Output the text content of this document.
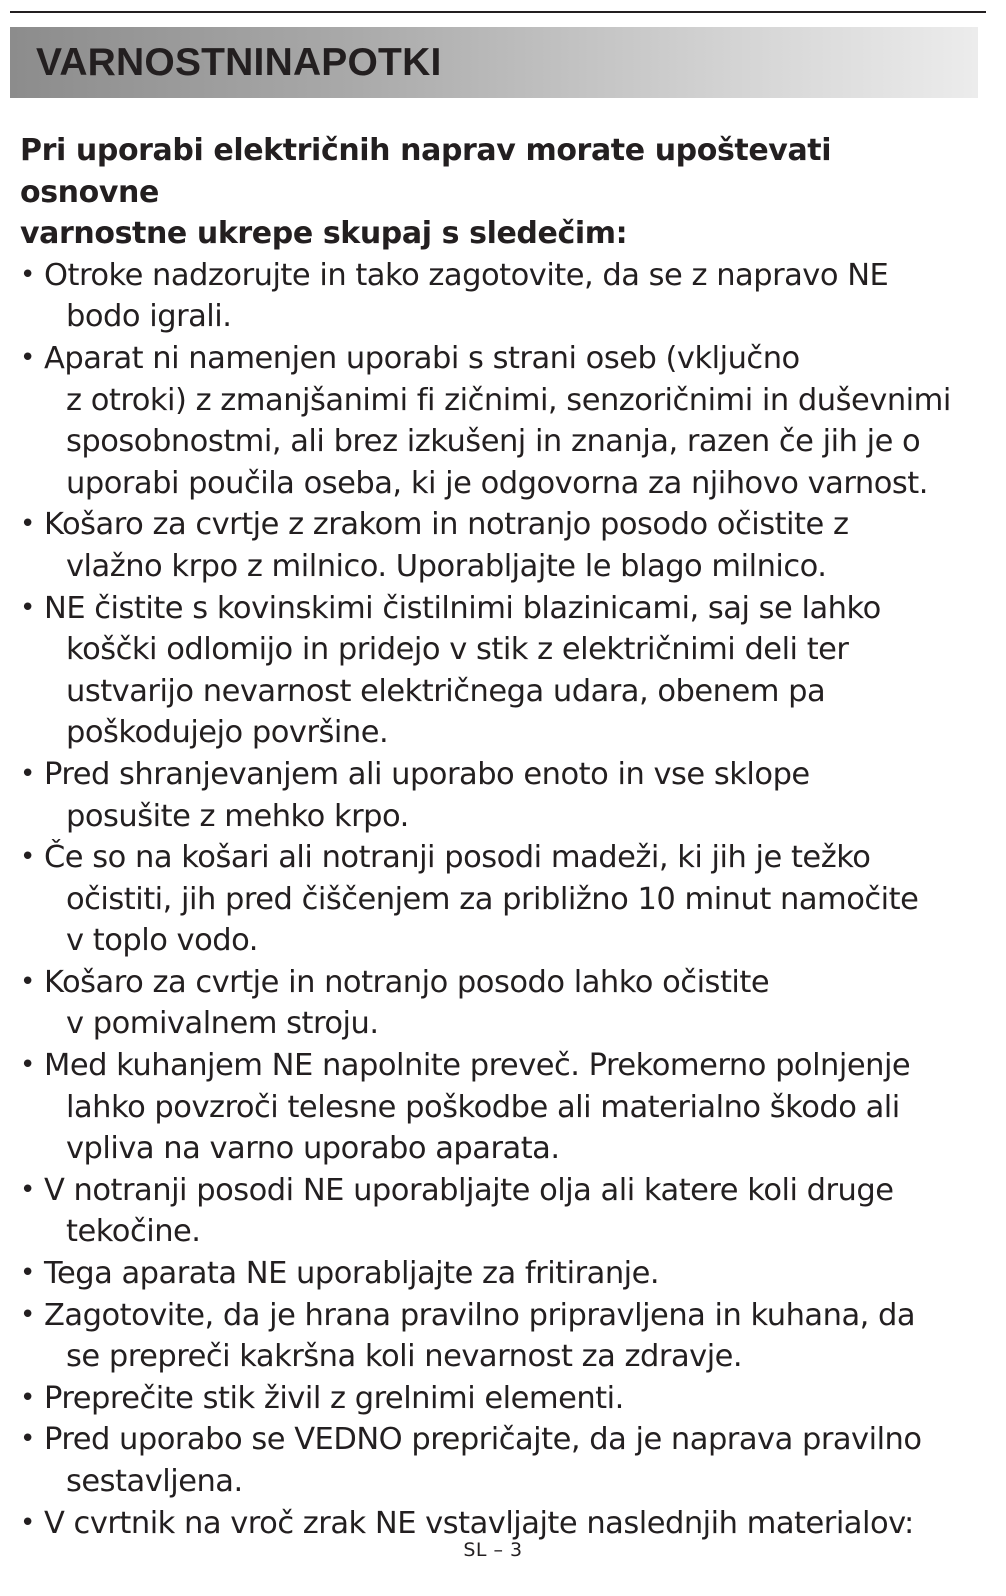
VARNOSTNINAPOTKI

Pri uporabi električnih naprav morate upoštevati osnovne
varnostne ukrepe skupaj s sledečim:

• Otroke nadzorujte in tako zagotovite, da se z napravo NE
bodo igrali.
• Aparat ni namenjen uporabi s strani oseb (vključno
z otroki) z zmanjšanimi fi zičnimi, senzoričnimi in duševnimi
sposobnostmi, ali brez izkušenj in znanja, razen če jih je o
uporabi poučila oseba, ki je odgovorna za njihovo varnost.
• Košaro za cvrtje z zrakom in notranjo posodo očistite z
vlažno krpo z milnico. Uporabljajte le blago milnico.
• NE čistite s kovinskimi čistilnimi blazinicami, saj se lahko
koščki odlomijo in pridejo v stik z električnimi deli ter
ustvarijo nevarnost električnega udara, obenem pa
poškodujejo površine.
• Pred shranjevanjem ali uporabo enoto in vse sklope
posušite z mehko krpo.
• Če so na košari ali notranji posodi madeži, ki jih je težko
očistiti, jih pred čiščenjem za približno 10 minut namočite
v toplo vodo.
• Košaro za cvrtje in notranjo posodo lahko očistite
v pomivalnem stroju.
• Med kuhanjem NE napolnite preveč. Prekomerno polnjenje
lahko povzroči telesne poškodbe ali materialno škodo ali
vpliva na varno uporabo aparata.
• V notranji posodi NE uporabljajte olja ali katere koli druge
tekočine.
• Tega aparata NE uporabljajte za fritiranje.
• Zagotovite, da je hrana pravilno pripravljena in kuhana, da
se prepreči kakršna koli nevarnost za zdravje.
• Preprečite stik živil z grelnimi elementi.
• Pred uporabo se VEDNO prepričajte, da je naprava pravilno
sestavljena.
• V cvrtnik na vroč zrak NE vstavljajte naslednjih materialov:
SL – 3
